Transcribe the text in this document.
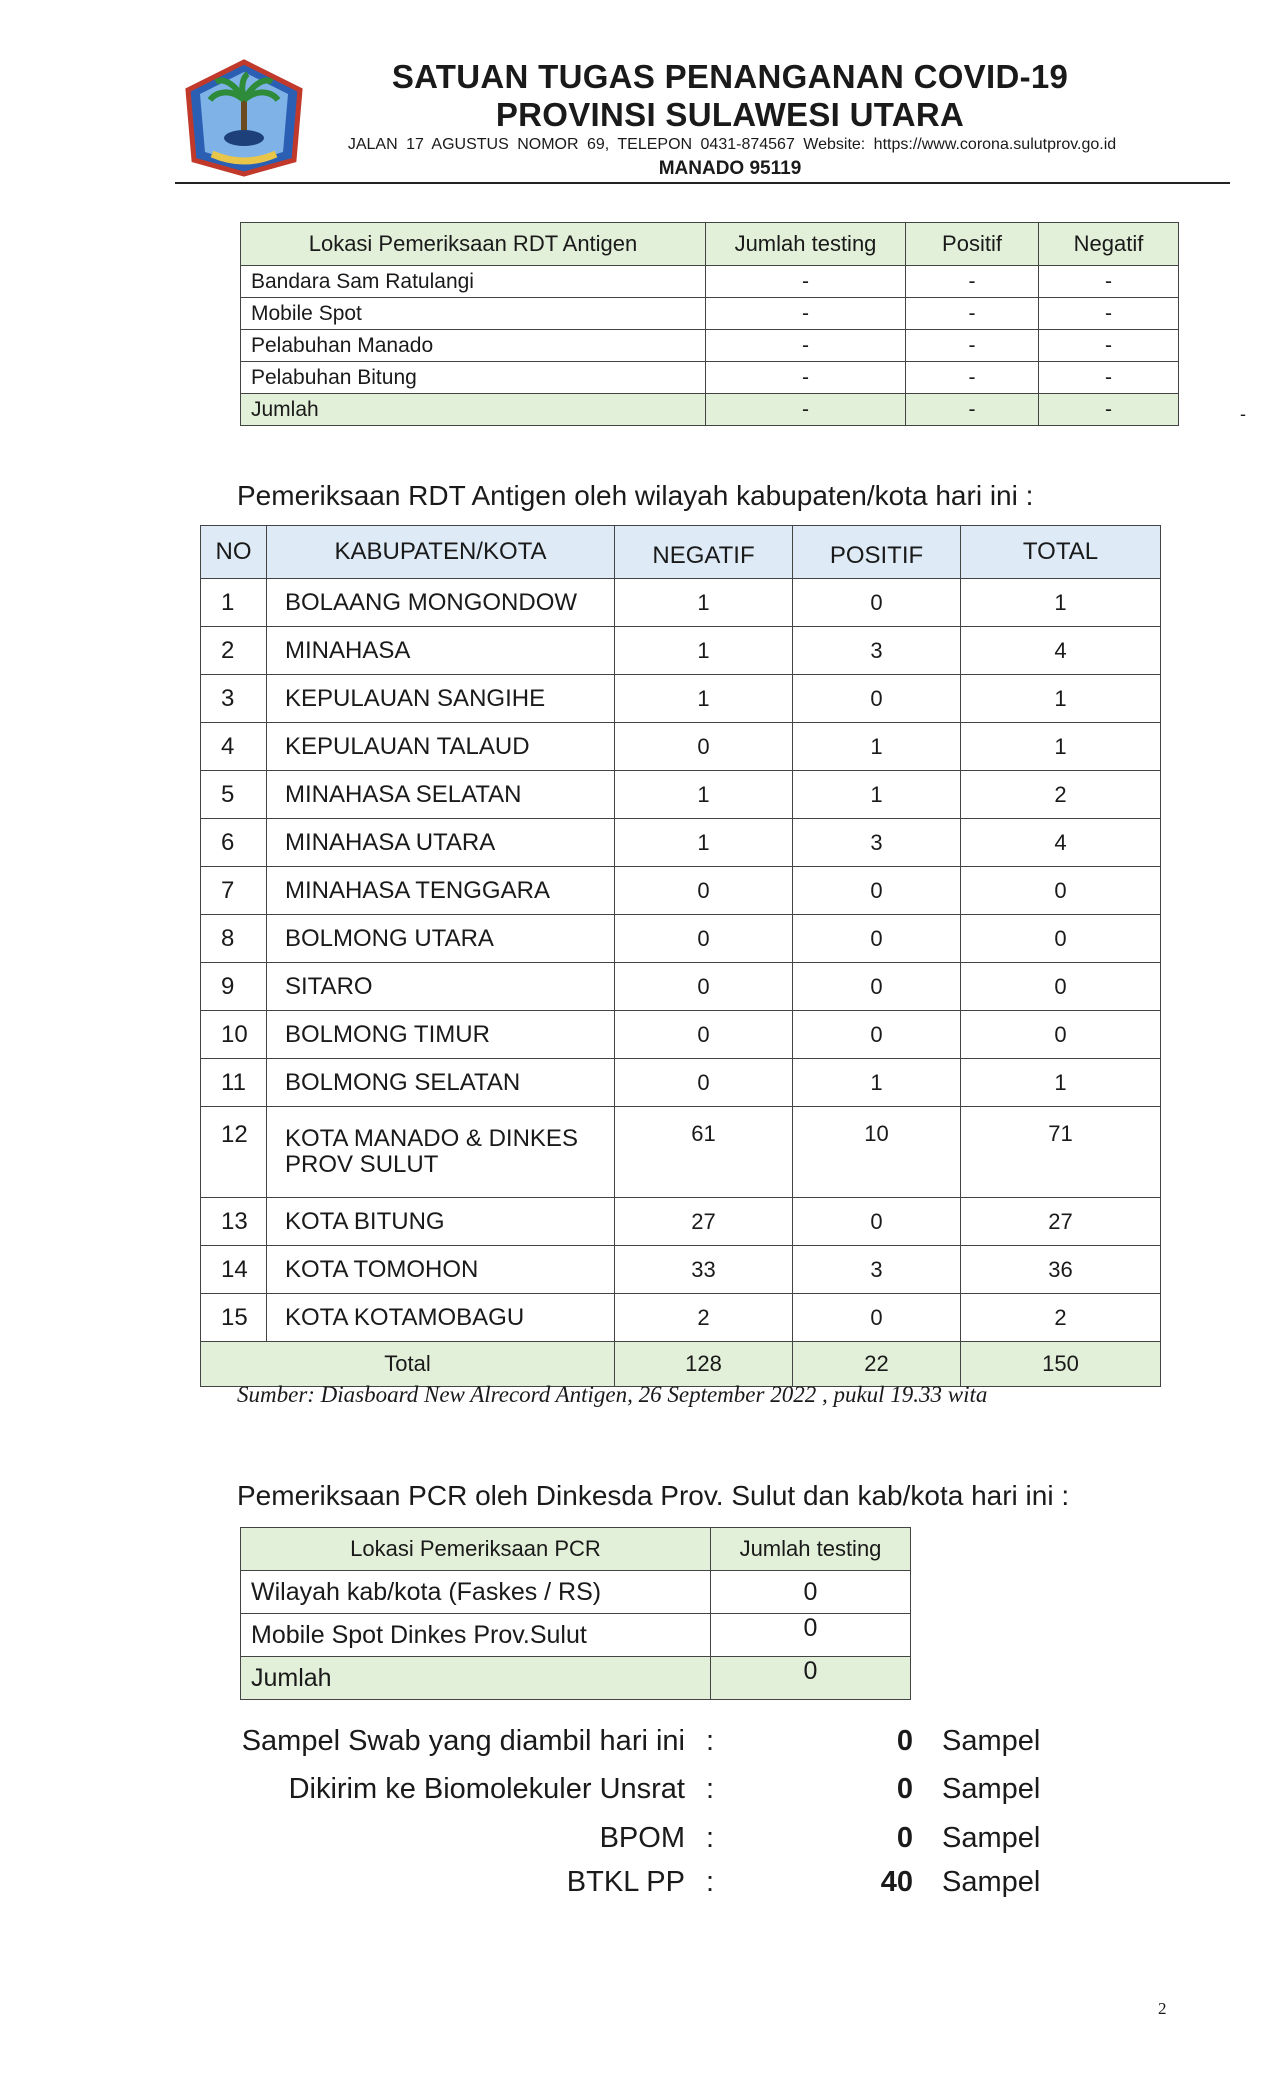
SATUAN TUGAS PENANGANAN COVID-19
PROVINSI SULAWESI UTARA
JALAN 17 AGUSTUS NOMOR 69, TELEPON 0431-874567 Website: https://www.corona.sulutprov.go.id
MANADO 95119
Lokasi Pemeriksaan RDT Antigen	Jumlah testing	Positif	Negatif
Bandara Sam Ratulangi	-	-	-
Mobile Spot	-	-	-
Pelabuhan Manado	-	-	-
Pelabuhan Bitung	-	-	-
Jumlah	-	-	-	-

Pemeriksaan RDT Antigen oleh wilayah kabupaten/kota hari ini :

NO	KABUPATEN/KOTA	NEGATIF	POSITIF	TOTAL
1	BOLAANG MONGONDOW	1	0	1
2	MINAHASA	1	3	4
3	KEPULAUAN SANGIHE	1	0	1
4	KEPULAUAN TALAUD	0	1	1
5	MINAHASA SELATAN	1	1	2
6	MINAHASA UTARA	1	3	4
7	MINAHASA TENGGARA	0	0	0
8	BOLMONG UTARA	0	0	0
9	SITARO	0	0	0
10	BOLMONG TIMUR	0	0	0
11	BOLMONG SELATAN	0	1	1
12	KOTA MANADO & DINKES PROV SULUT	61	10	71
13	KOTA BITUNG	27	0	27
14	KOTA TOMOHON	33	3	36
15	KOTA KOTAMOBAGU	2	0	2
Total		128	22	150
Sumber: Diasboard New Alrecord Antigen, 26 September 2022 , pukul 19.33 wita

Pemeriksaan PCR oleh Dinkesda Prov. Sulut dan kab/kota hari ini :

Lokasi Pemeriksaan PCR	Jumlah testing
Wilayah kab/kota (Faskes / RS)	0
Mobile Spot Dinkes Prov.Sulut	0
Jumlah	0
Sampel Swab yang diambil hari ini :	0 Sampel
Dikirim ke Biomolekuler Unsrat :	0 Sampel
BPOM :	0 Sampel
BTKL PP :	40 Sampel
2
